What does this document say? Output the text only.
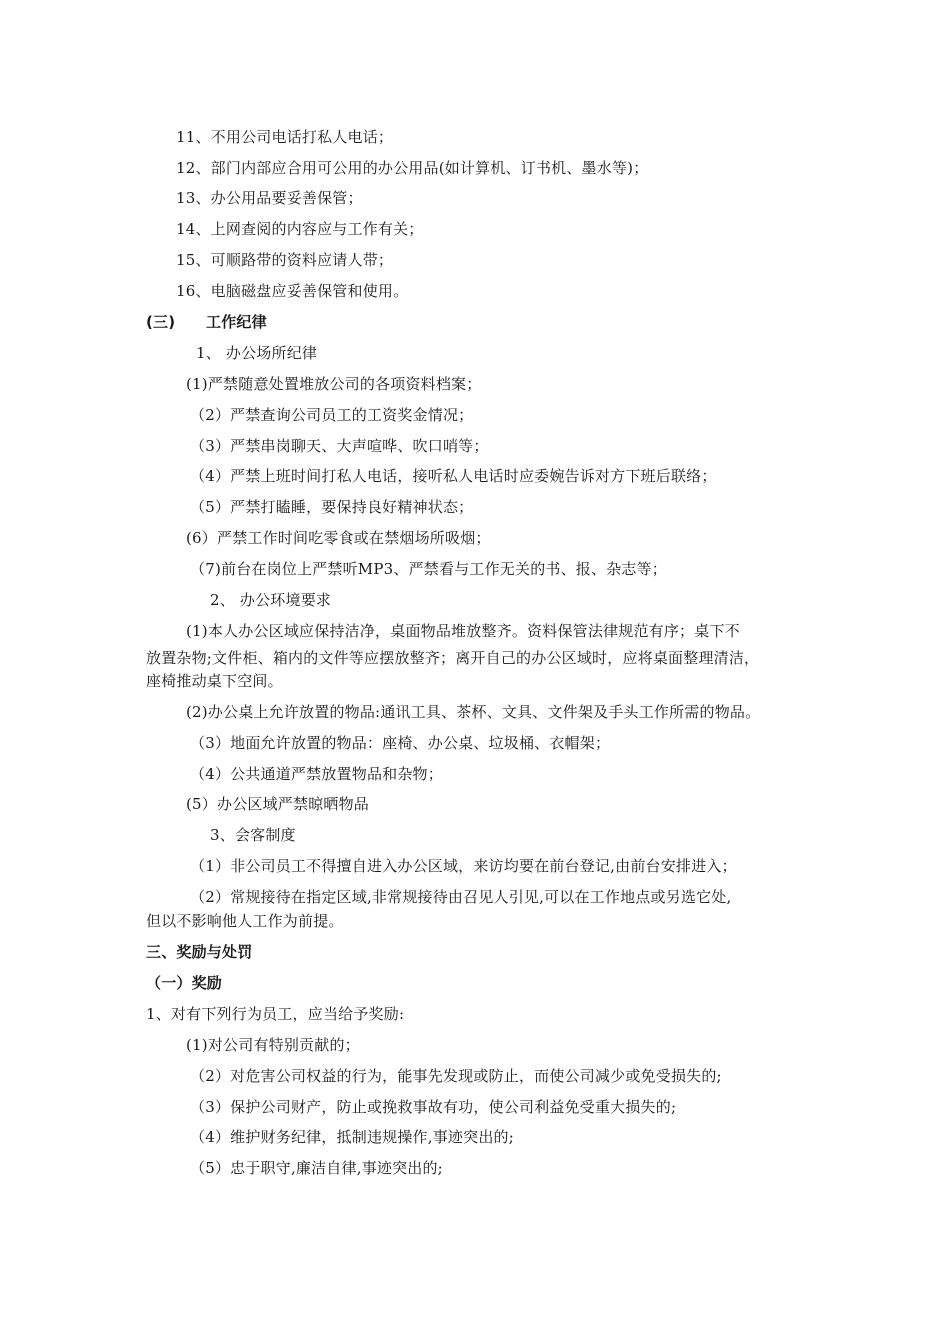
11、不用公司电话打私人电话；
12、部门内部应合用可公用的办公用品(如计算机、订书机、墨水等)；
13、办公用品要妥善保管；
14、上网查阅的内容应与工作有关；
15、可顺路带的资料应请人带；
16、电脑磁盘应妥善保管和使用。
(三) 工作纪律
1、 办公场所纪律
(1)严禁随意处置堆放公司的各项资料档案；
（2）严禁查询公司员工的工资奖金情况；
（3）严禁串岗聊天、大声喧哗、吹口哨等；
（4）严禁上班时间打私人电话，接听私人电话时应委婉告诉对方下班后联络；
（5）严禁打瞌睡，要保持良好精神状态；
(6）严禁工作时间吃零食或在禁烟场所吸烟；
（7)前台在岗位上严禁听MP3、严禁看与工作无关的书、报、杂志等；
2、 办公环境要求
(1)本人办公区域应保持洁净，桌面物品堆放整齐。资料保管法律规范有序；桌下不
放置杂物;文件柜、箱内的文件等应摆放整齐；离开自己的办公区域时，应将桌面整理清洁，
座椅推动桌下空间。
(2)办公桌上允许放置的物品:通讯工具、茶杯、文具、文件架及手头工作所需的物品。
（3）地面允许放置的物品：座椅、办公桌、垃圾桶、衣帽架；
（4）公共通道严禁放置物品和杂物；
(5）办公区域严禁晾晒物品
3、会客制度
（1）非公司员工不得擅自进入办公区域，来访均要在前台登记,由前台安排进入；
（2）常规接待在指定区域,非常规接待由召见人引见,可以在工作地点或另选它处,
但以不影响他人工作为前提。
三、奖励与处罚
（一）奖励
1、对有下列行为员工，应当给予奖励:
(1)对公司有特别贡献的；
（2）对危害公司权益的行为，能事先发现或防止，而使公司减少或免受损失的;
（3）保护公司财产，防止或挽救事故有功，使公司利益免受重大损失的;
（4）维护财务纪律，抵制违规操作,事迹突出的;
（5）忠于职守,廉洁自律,事迹突出的;
